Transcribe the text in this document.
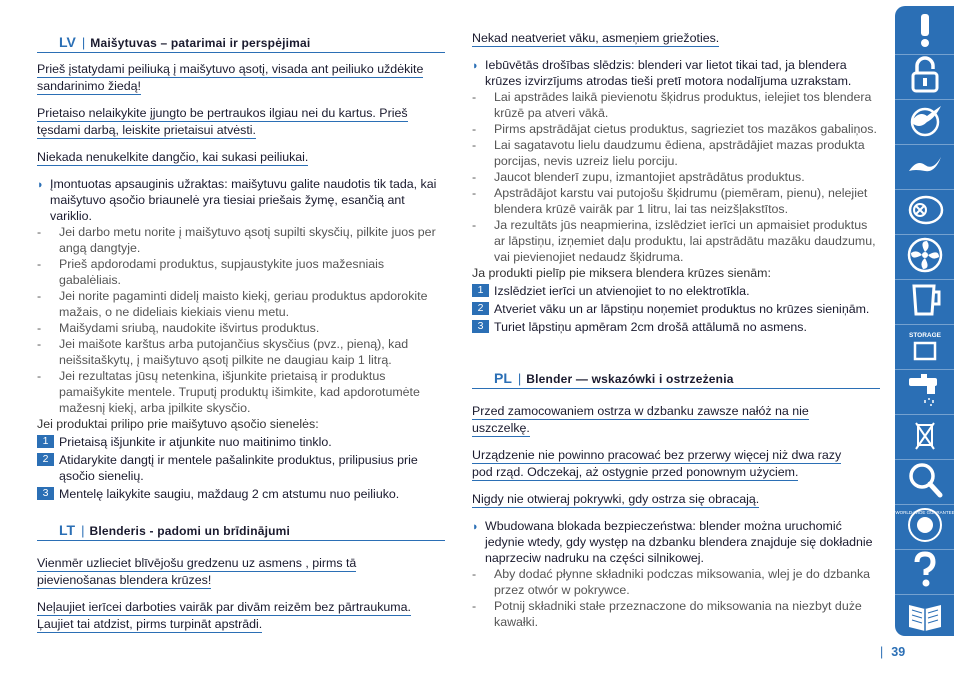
LV | Maišytuvas – patarimai ir perspėjimai
Prieš įstatydami peiliuką į maišytuvo ąsotį, visada ant peiliuko uždėkite
sandarinimo žiedą!
Prietaiso nelaikykite įjungto be pertraukos ilgiau nei du kartus. Prieš
tęsdami darbą, leiskite prietaisui atvėsti.
Niekada nenukelkite dangčio, kai sukasi peiliukai.

◗ Įmontuotas apsauginis užraktas: maišytuvu galite naudotis tik tada, kai maišytuvo ąsočio briaunelė yra tiesiai priešais žymę, esančią ant variklio.

- Jei darbo metu norite į maišytuvo ąsotį supilti skysčių, pilkite juos per angą dangtyje.
- Prieš apdorodami produktus, supjaustykite juos mažesniais gabalėliais.
- Jei norite pagaminti didelį maisto kiekį, geriau produktus apdorokite mažais, o ne dideliais kiekiais vienu metu.
- Maišydami sriubą, naudokite išvirtus produktus.
- Jei maišote karštus arba putojančius skysčius (pvz., pieną), kad neišsitaškytų, į maišytuvo ąsotį pilkite ne daugiau kaip 1 litrą.
- Jei rezultatas jūsų netenkina, išjunkite prietaisą ir produktus pamaišykite mentele. Truputį produktų išimkite, kad apdorotumėte mažesnį kiekį, arba įpilkite skysčio.

Jei produktai prilipo prie maišytuvo ąsočio sienelės:

1 Prietaisą išjunkite ir atjunkite nuo maitinimo tinklo.
2 Atidarykite dangtį ir mentele pašalinkite produktus, prilipusius prie ąsočio sienelių.
3 Mentelę laikykite saugiu, maždaug 2 cm atstumu nuo peiliuko.
LT | Blenderis - padomi un brīdinājumi
Vienmēr uzlieciet blīvējošu gredzenu uz asmens , pirms tā
pievienošanas blendera krūzes!
Neļaujiet ierīcei darboties vairāk par divām reizēm bez pārtraukuma.
Ļaujiet tai atdzist, pirms turpināt apstrādi.
Nekad neatveriet vāku, asmeņiem griežoties.

◗ Iebūvētās drošības slēdzis: blenderi var lietot tikai tad, ja blendera krūzes izvirzījums atrodas tieši pretī motora nodalījuma uzrakstam.

- Lai apstrādes laikā pievienotu šķidrus produktus, ielejiet tos blendera krūzē pa atveri vākā.
- Pirms apstrādājat cietus produktus, sagrieziet tos mazākos gabaliņos.
- Lai sagatavotu lielu daudzumu ēdiena, apstrādājiet mazas produkta porcijas, nevis uzreiz lielu porciju.
- Jaucot blenderī zupu, izmantojiet apstrādātus produktus.
- Apstrādājot karstu vai putojošu šķidrumu (piemēram, pienu), nelejiet blendera krūzē vairāk par 1 litru, lai tas neizšļakstītos.
- Ja rezultāts jūs neapmierina, izslēdziet ierīci un apmaisiet produktus ar lāpstiņu, izņemiet daļu produktu, lai apstrādātu mazāku daudzumu, vai pievienojiet nedaudz šķidruma.

Ja produkti pielīp pie miksera blendera krūzes sienām:

1 Izslēdziet ierīci un atvienojiet to no elektrotīkla.
2 Atveriet vāku un ar lāpstiņu noņemiet produktus no krūzes sieniņām.
3 Turiet lāpstiņu apmēram 2cm drošā attālumā no asmens.
PL | Blender — wskazówki i ostrzeżenia
Przed zamocowaniem ostrza w dzbanku zawsze nałóż na nie
uszczelkę.
Urządzenie nie powinno pracować bez przerwy więcej niż dwa razy
pod rząd. Odczekaj, aż ostygnie przed ponownym użyciem.
Nigdy nie otwieraj pokrywki, gdy ostrza się obracają.

◗ Wbudowana blokada bezpieczeństwa: blender można uruchomić jedynie wtedy, gdy występ na dzbanku blendera znajduje się dokładnie naprzeciw nadruku na części silnikowej.

- Aby dodać płynne składniki podczas miksowania, wlej je do dzbanka przez otwór w pokrywce.
- Potnij składniki stałe przeznaczone do miksowania na niezbyt duże kawałki.
STORAGE
WORLD-WIDE GUARANTEE
| 39
